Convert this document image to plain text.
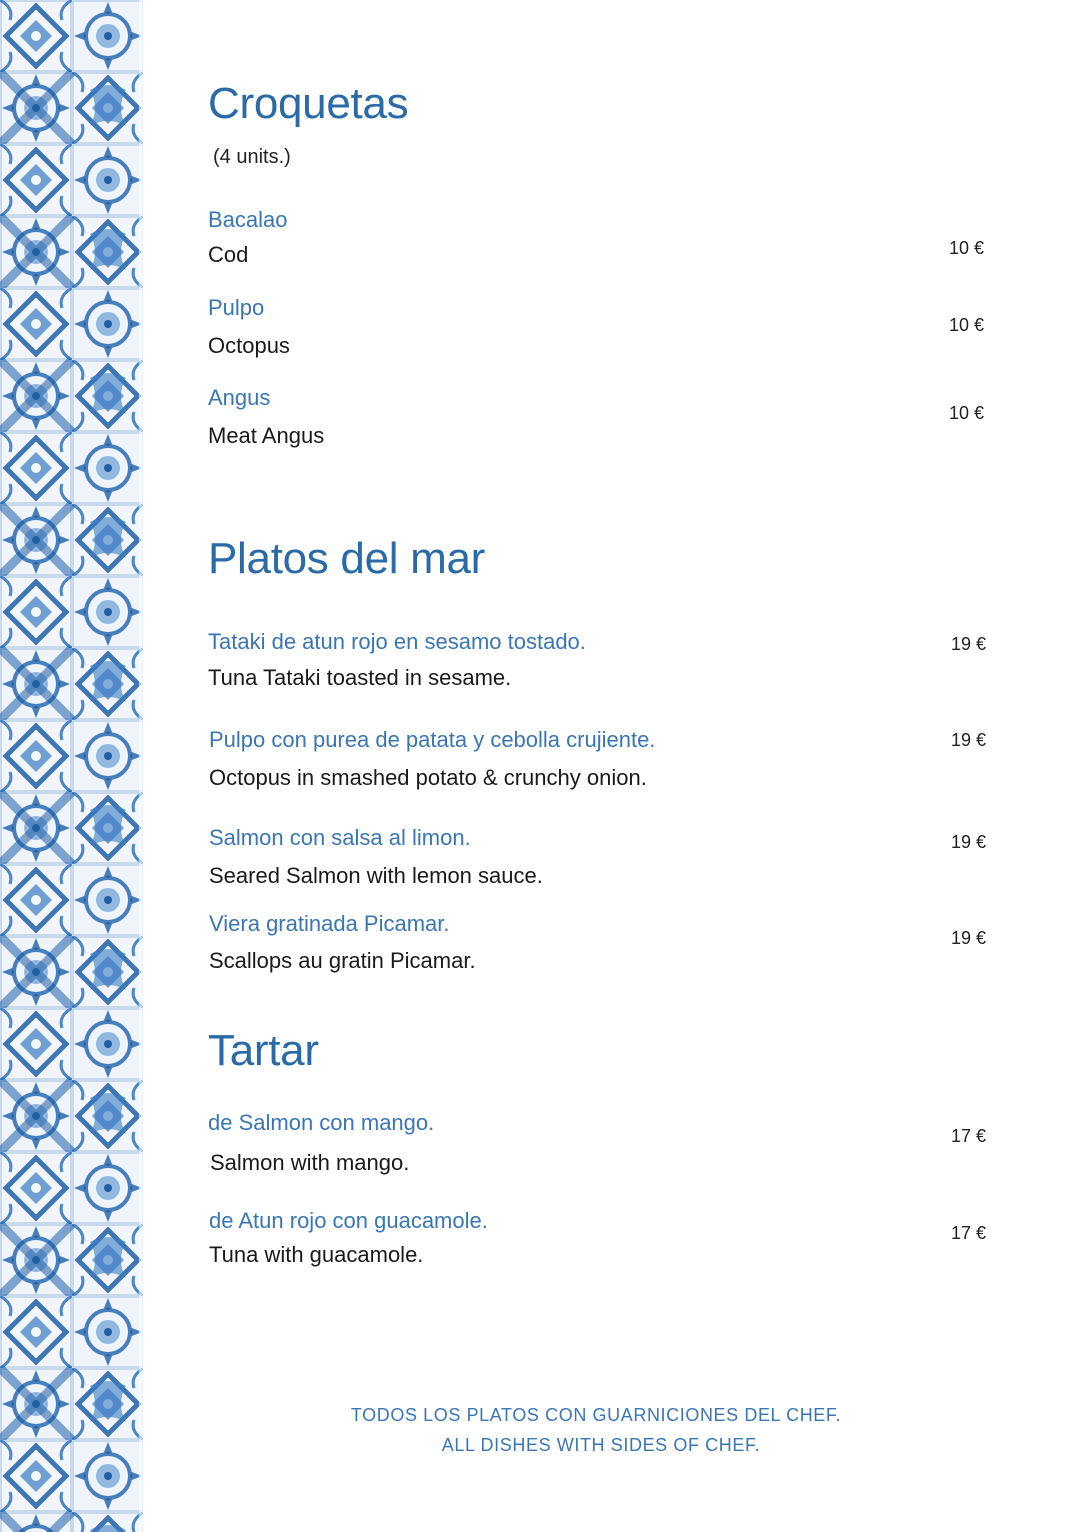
Croquetas
(4 units.)
Bacalao
Cod	10 €
Pulpo
Octopus
10 €
Angus
Meat Angus
10 €
Platos del mar
Tataki de atun rojo en sesamo tostado.
Tuna Tataki toasted in sesame.
19 €
Pulpo con purea de patata y cebolla crujiente.
Octopus in smashed potato & crunchy onion.
19 €
Salmon con salsa al limon.
Seared Salmon with lemon sauce.
19 €
Viera gratinada Picamar.
Scallops au gratin Picamar.
19 €
Tartar
de Salmon con mango.
Salmon with mango.
17 €
de Atun rojo con guacamole.
Tuna with guacamole.
17 €
TODOS LOS PLATOS CON GUARNICIONES DEL CHEF.
ALL DISHES WITH SIDES OF CHEF.
